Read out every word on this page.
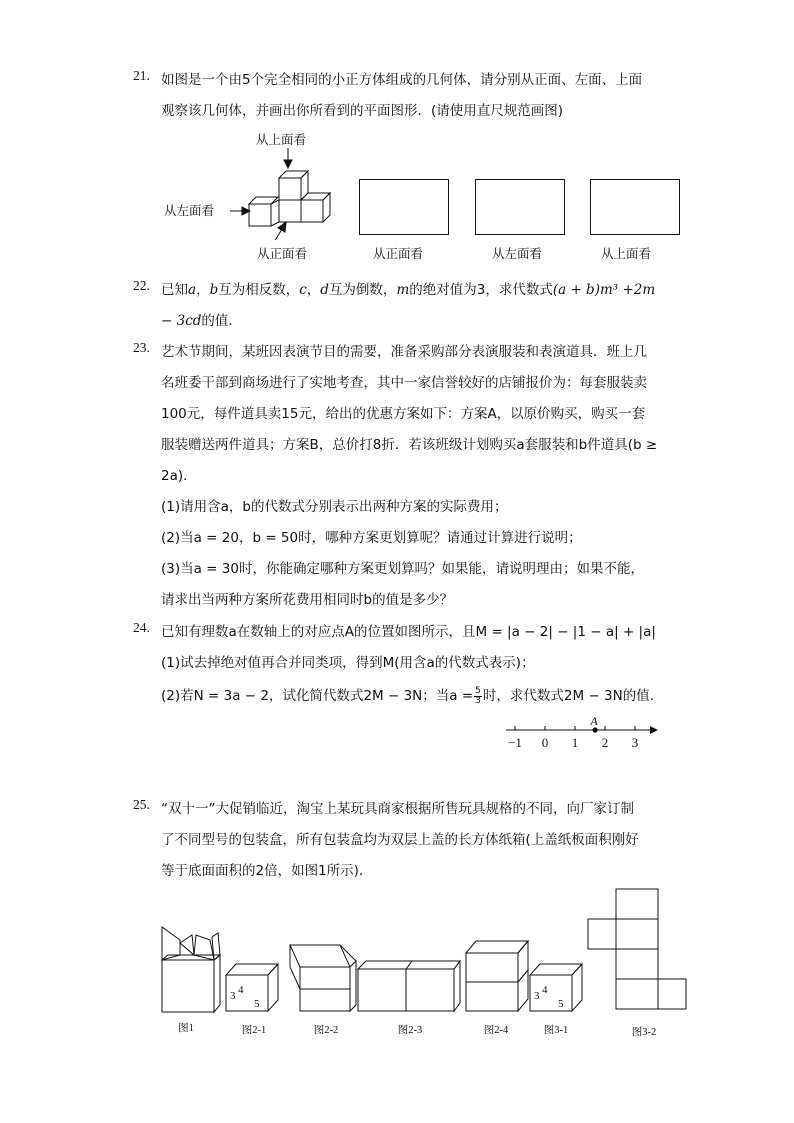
21. 如图是一个由5个完全相同的小正方体组成的几何体，请分别从正面、左面、上面
观察该几何体，并画出你所看到的平面图形．(请使用直尺规范画图)
从上面看
从左面看
从正面看	从正面看	从左面看	从上面看
22. 已知a，b互为相反数，c，d互为倒数，m的绝对值为3，求代数式(a + b)m³ +2m
− 3cd的值．
23. 艺术节期间，某班因表演节目的需要，准备采购部分表演服装和表演道具．班上几
名班委干部到商场进行了实地考查，其中一家信誉较好的店铺报价为：每套服装卖
100元，每件道具卖15元，给出的优惠方案如下：方案A，以原价购买，购买一套
服装赠送两件道具；方案B，总价打8折．若该班级计划购买a套服装和b件道具(b ≥
2a)．
(1)请用含a，b的代数式分别表示出两种方案的实际费用；
(2)当a = 20，b = 50时，哪种方案更划算呢？请通过计算进行说明；
(3)当a = 30时，你能确定哪种方案更划算吗？如果能，请说明理由；如果不能，
请求出当两种方案所花费用相同时b的值是多少？
24. 已知有理数a在数轴上的对应点A的位置如图所示，且M = |a − 2| − |1 − a| + |a|
(1)试去掉绝对值再合并同类项，得到M(用含a的代数式表示)；
(2)若N = 3a − 2，试化简代数式2M − 3N；当$a = \frac{5}{3}$ 时，求代数式2M − 3N的值．
−1 0 1 2 3
A
25. “双十一”大促销临近，淘宝上某玩具商家根据所售玩具规格的不同，向厂家订制
了不同型号的包装盒，所有包装盒均为双层上盖的长方体纸箱(上盖纸板面积刚好
等于底面面积的2倍，如图1所示)．
3 4
5
3 4
5
图1	图2-1	图2-2	图2-3	图2-4	图3-1	图3-2
